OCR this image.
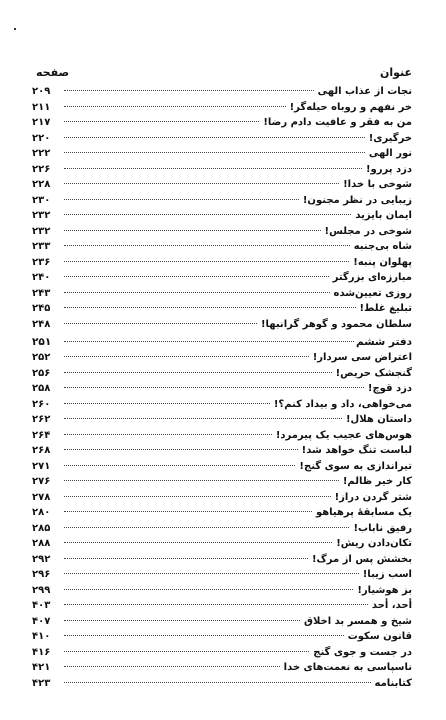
عنوان
صفحه
نجات از عذاب الهی
۲۰۹
خر نفهم و روباه حیله‌گر!
۲۱۱
من به فقر و عافیت دادم رضا!
۲۱۷
خرگیری!
۲۲۰
نور الهی
۲۲۲
دزد پررو!
۲۲۶
شوخی با خدا!
۲۲۸
زیبایی در نظر مجنون!
۲۳۰
ایمان بایزید
۲۳۲
شوخی در مجلس!
۲۳۲
شاه بی‌جنبه
۲۳۳
پهلوان پنبه!
۲۳۶
مبارزه‌ای بزرگتر
۲۴۰
روزی تعیین‌شده
۲۴۳
تبلیغ غلط!
۲۴۵
سلطان محمود و گوهر گرانبها!
۲۴۸
دفتر ششم
۲۵۱
اعتراض سی سردار!
۲۵۲
گنجشک حریص!
۲۵۶
دزد قوچ!
۲۵۸
می‌خواهی، داد و بیداد کنم؟!
۲۶۰
داستان هلال!
۲۶۲
هوس‌های عجیب یک پیرمرد!
۲۶۴
لباست تنگ خواهد شد!
۲۶۸
تیراندازی به سوی گنج!
۲۷۱
کار خیر ظالم!
۲۷۶
شتر گردن دراز!
۲۷۸
یک مسابقهٔ پرهیاهو
۲۸۰
رفیق ناباب!
۲۸۵
تکان‌دادن ریش!
۲۸۸
بخشش پس از مرگ!
۲۹۲
اسب زیبا!
۲۹۶
بز هوشیار!
۲۹۹
أحد، أحد
۴۰۳
شیخ و همسر بد اخلاق
۴۰۷
قانون سکوت
۴۱۰
در جست و جوی گنج
۴۱۶
ناسپاسی به نعمت‌های خدا
۴۲۱
کتابنامه
۴۲۳
